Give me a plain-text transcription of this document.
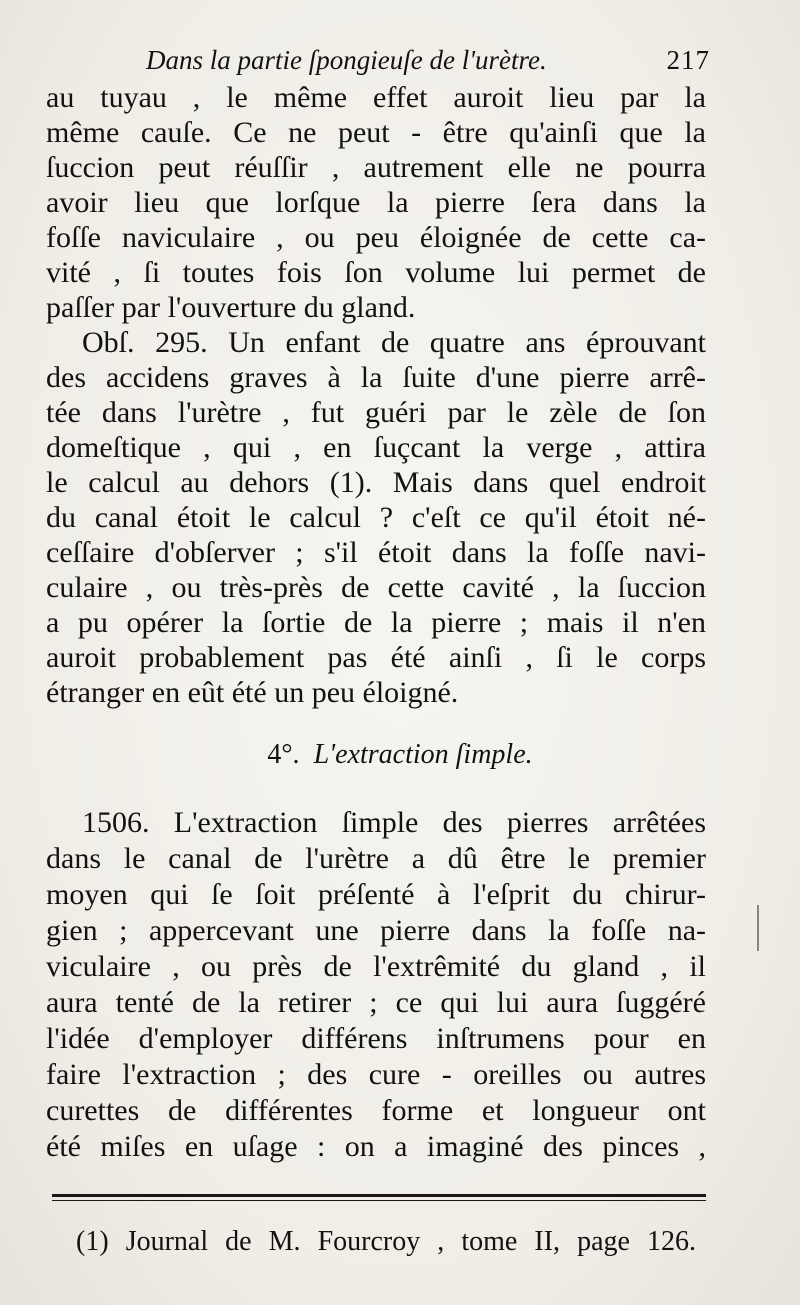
Dans la partie ſpongieuſe de l'urètre.	217
au tuyau , le même effet auroit lieu par la
même cauſe. Ce ne peut - être qu'ainſi que la
ſuccion peut réuſſir , autrement elle ne pourra
avoir lieu que lorſque la pierre ſera dans la
foſſe naviculaire , ou peu éloignée de cette ca-
vité , ſi toutes fois ſon volume lui permet de
paſſer par l'ouverture du gland.
Obſ. 295. Un enfant de quatre ans éprouvant
des accidens graves à la ſuite d'une pierre arrê-
tée dans l'urètre , fut guéri par le zèle de ſon
domeſtique , qui , en ſuçcant la verge , attira
le calcul au dehors (1). Mais dans quel endroit
du canal étoit le calcul ? c'eſt ce qu'il étoit né-
ceſſaire d'obſerver ; s'il étoit dans la foſſe navi-
culaire , ou très-près de cette cavité , la ſuccion
a pu opérer la ſortie de la pierre ; mais il n'en
auroit probablement pas été ainſi , ſi le corps
étranger en eût été un peu éloigné.
4°. L'extraction ſimple.
1506. L'extraction ſimple des pierres arrêtées
dans le canal de l'urètre a dû être le premier
moyen qui ſe ſoit préſenté à l'eſprit du chirur-
gien ; appercevant une pierre dans la foſſe na-
viculaire , ou près de l'extrêmité du gland , il
aura tenté de la retirer ; ce qui lui aura ſuggéré
l'idée d'employer différens inſtrumens pour en
faire l'extraction ; des cure - oreilles ou autres
curettes de différentes forme et longueur ont
été miſes en uſage : on a imaginé des pinces ,
(1) Journal de M. Fourcroy , tome II, page 126.
